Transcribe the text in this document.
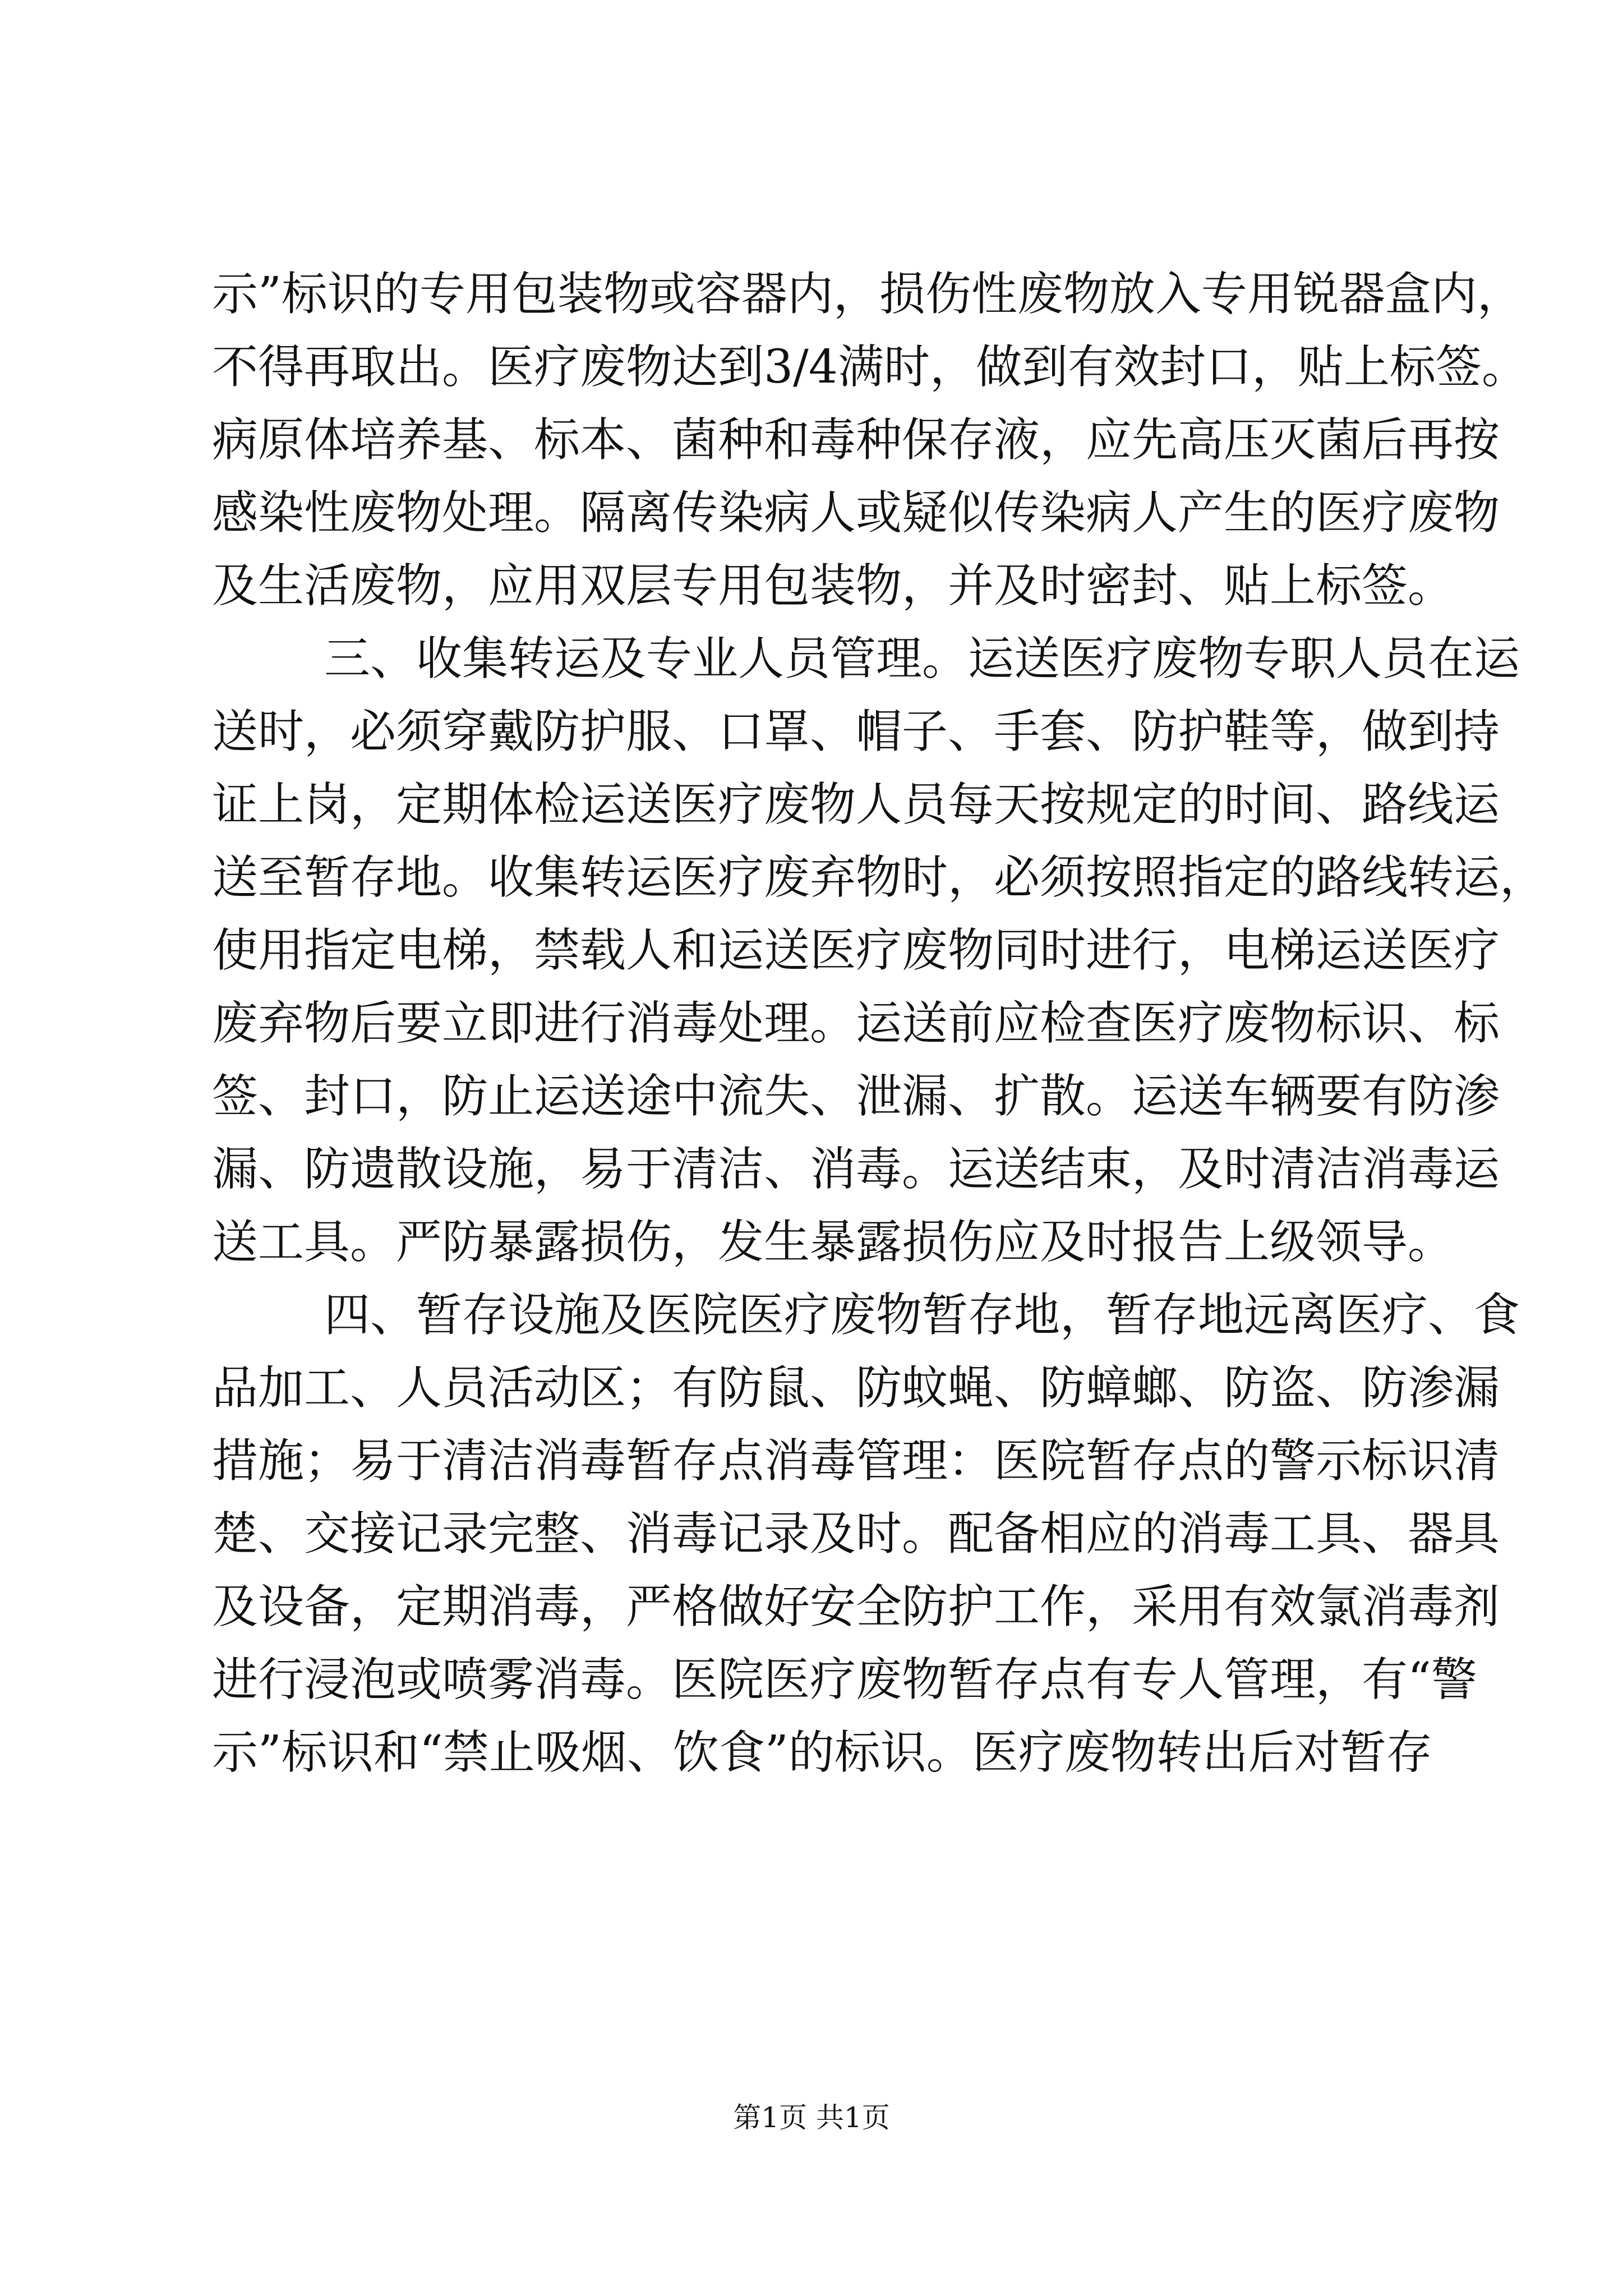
示”标识的专用包装物或容器内，损伤性废物放入专用锐器盒内，
不得再取出。医疗废物达到3/4满时，做到有效封口，贴上标签。
病原体培养基、标本、菌种和毒种保存液，应先高压灭菌后再按
感染性废物处理。隔离传染病人或疑似传染病人产生的医疗废物
及生活废物，应用双层专用包装物，并及时密封、贴上标签。
三、收集转运及专业人员管理。运送医疗废物专职人员在运
送时，必须穿戴防护服、口罩、帽子、手套、防护鞋等，做到持
证上岗，定期体检运送医疗废物人员每天按规定的时间、路线运
送至暂存地。收集转运医疗废弃物时，必须按照指定的路线转运，
使用指定电梯，禁载人和运送医疗废物同时进行，电梯运送医疗
废弃物后要立即进行消毒处理。运送前应检查医疗废物标识、标
签、封口，防止运送途中流失、泄漏、扩散。运送车辆要有防渗
漏、防遗散设施，易于清洁、消毒。运送结束，及时清洁消毒运
送工具。严防暴露损伤，发生暴露损伤应及时报告上级领导。
四、暂存设施及医院医疗废物暂存地，暂存地远离医疗、食
品加工、人员活动区；有防鼠、防蚊蝇、防蟑螂、防盗、防渗漏
措施；易于清洁消毒暂存点消毒管理：医院暂存点的警示标识清
楚、交接记录完整、消毒记录及时。配备相应的消毒工具、器具
及设备，定期消毒，严格做好安全防护工作，采用有效氯消毒剂
进行浸泡或喷雾消毒。医院医疗废物暂存点有专人管理，有“警
示”标识和“禁止吸烟、饮食”的标识。医疗废物转出后对暂存
第1页 共1页
